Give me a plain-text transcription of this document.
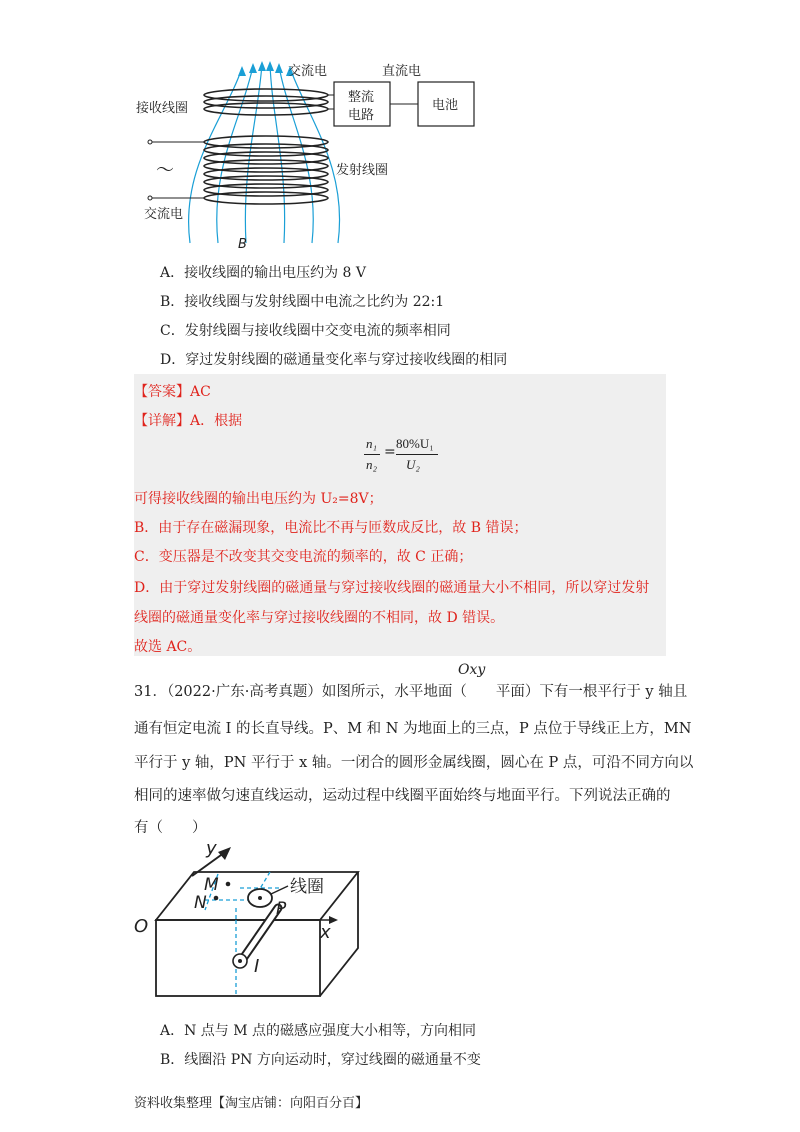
交流电	直流电
接收线圈
整流
电路
电池
～	发射线圈
交流电
B
A．接收线圈的输出电压约为 8 V
B．接收线圈与发射线圈中电流之比约为 22:1
C．发射线圈与接收线圈中交变电流的频率相同
D．穿过发射线圈的磁通量变化率与穿过接收线圈的相同
【答案】AC
【详解】A．根据
n₁
n₂
=
80%U₁
U₂
可得接收线圈的输出电压约为 U₂=8V；
B．由于存在磁漏现象，电流比不再与匝数成反比，故 B 错误；
C．变压器是不改变其交变电流的频率的，故 C 正确；
D．由于穿过发射线圈的磁通量与穿过接收线圈的磁通量大小不相同，所以穿过发射
线圈的磁通量变化率与穿过接收线圈的不相同，故 D 错误。
故选 AC。
Oxy
31．（2022·广东·高考真题）如图所示，水平地面（　　平面）下有一根平行于 y 轴且
通有恒定电流 I 的长直导线。P、M 和 N 为地面上的三点，P 点位于导线正上方，MN
平行于 y 轴，PN 平行于 x 轴。一闭合的圆形金属线圈，圆心在 P 点，可沿不同方向以
相同的速率做匀速直线运动，运动过程中线圈平面始终与地面平行。下列说法正确的
有（　　）
y
M	线圈
N	P
O	x
I
A．N 点与 M 点的磁感应强度大小相等，方向相同
B．线圈沿 PN 方向运动时，穿过线圈的磁通量不变
资料收集整理【淘宝店铺：向阳百分百】
